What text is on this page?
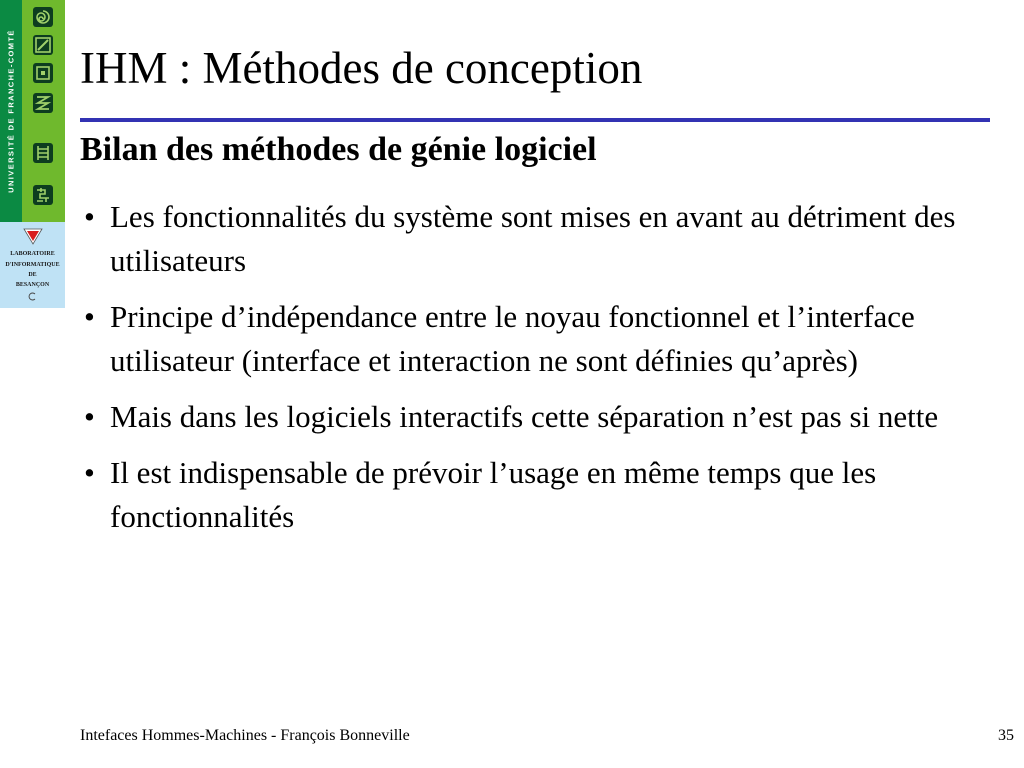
UNIVERSITÉ DE FRANCHE-COMTÉ
LABORATOIRE
D'INFORMATIQUE
DE
BESANÇON
IHM : Méthodes de conception
Bilan des méthodes de génie logiciel
• Les fonctionnalités du système sont mises en avant au détriment des utilisateurs
• Principe d’indépendance entre le noyau fonctionnel et l’interface utilisateur (interface et interaction ne sont définies qu’après)
• Mais dans les logiciels interactifs cette séparation n’est pas si nette
• Il est indispensable de prévoir l’usage en même temps que les fonctionnalités
Intefaces Hommes-Machines - François Bonneville	35
